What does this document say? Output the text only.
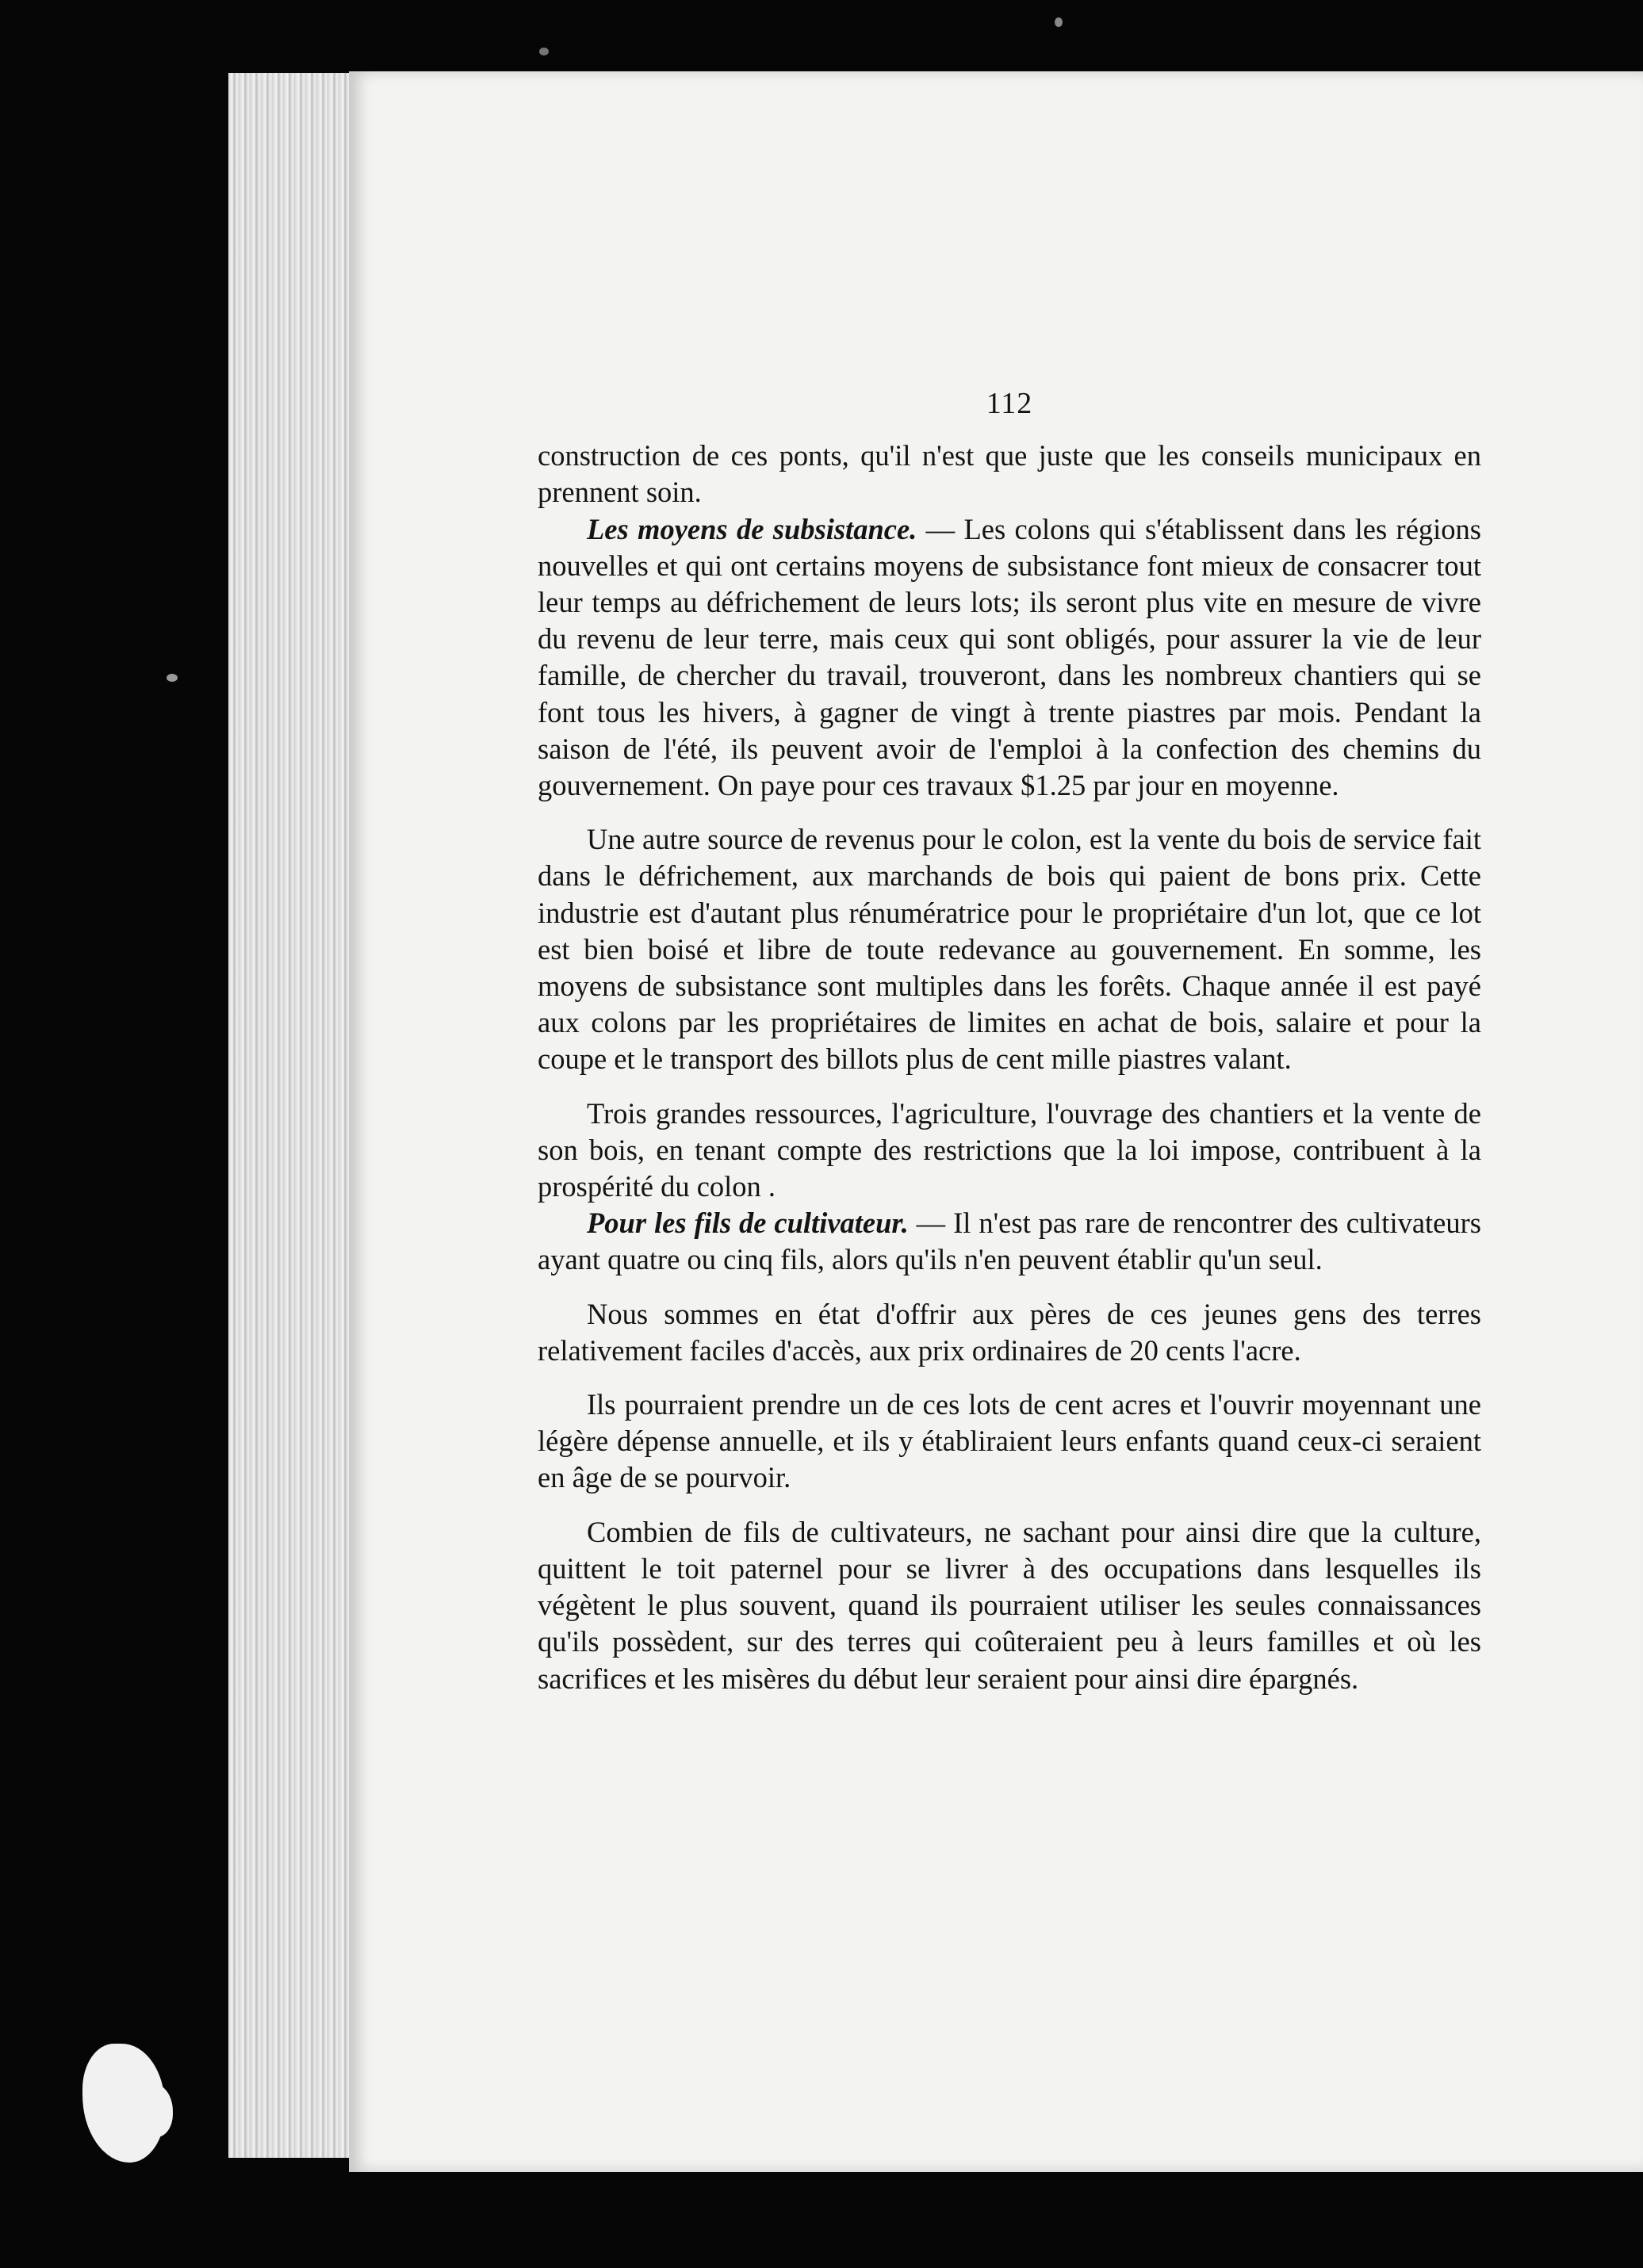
112

construction de ces ponts, qu'il n'est que juste que les conseils municipaux en prennent soin.

Les moyens de subsistance. — Les colons qui s'établissent dans les régions nouvelles et qui ont certains moyens de subsistance font mieux de consacrer tout leur temps au défrichement de leurs lots; ils seront plus vite en mesure de vivre du revenu de leur terre, mais ceux qui sont obligés, pour assurer la vie de leur famille, de chercher du travail, trouveront, dans les nombreux chantiers qui se font tous les hivers, à gagner de vingt à trente piastres par mois. Pendant la saison de l'été, ils peuvent avoir de l'emploi à la confection des chemins du gouvernement. On paye pour ces travaux $1.25 par jour en moyenne.

Une autre source de revenus pour le colon, est la vente du bois de service fait dans le défrichement, aux marchands de bois qui paient de bons prix. Cette industrie est d'autant plus rénumératrice pour le propriétaire d'un lot, que ce lot est bien boisé et libre de toute redevance au gouvernement. En somme, les moyens de subsistance sont multiples dans les forêts. Chaque année il est payé aux colons par les propriétaires de limites en achat de bois, salaire et pour la coupe et le transport des billots plus de cent mille piastres valant.

Trois grandes ressources, l'agriculture, l'ouvrage des chantiers et la vente de son bois, en tenant compte des restrictions que la loi impose, contribuent à la prospérité du colon .

Pour les fils de cultivateur. — Il n'est pas rare de rencontrer des cultivateurs ayant quatre ou cinq fils, alors qu'ils n'en peuvent établir qu'un seul.

Nous sommes en état d'offrir aux pères de ces jeunes gens des terres relativement faciles d'accès, aux prix ordinaires de 20 cents l'acre.

Ils pourraient prendre un de ces lots de cent acres et l'ouvrir moyennant une légère dépense annuelle, et ils y établiraient leurs enfants quand ceux-ci seraient en âge de se pourvoir.

Combien de fils de cultivateurs, ne sachant pour ainsi dire que la culture, quittent le toit paternel pour se livrer à des occupations dans lesquelles ils végètent le plus souvent, quand ils pourraient utiliser les seules connaissances qu'ils possèdent, sur des terres qui coûteraient peu à leurs familles et où les sacrifices et les misères du début leur seraient pour ainsi dire épargnés.
